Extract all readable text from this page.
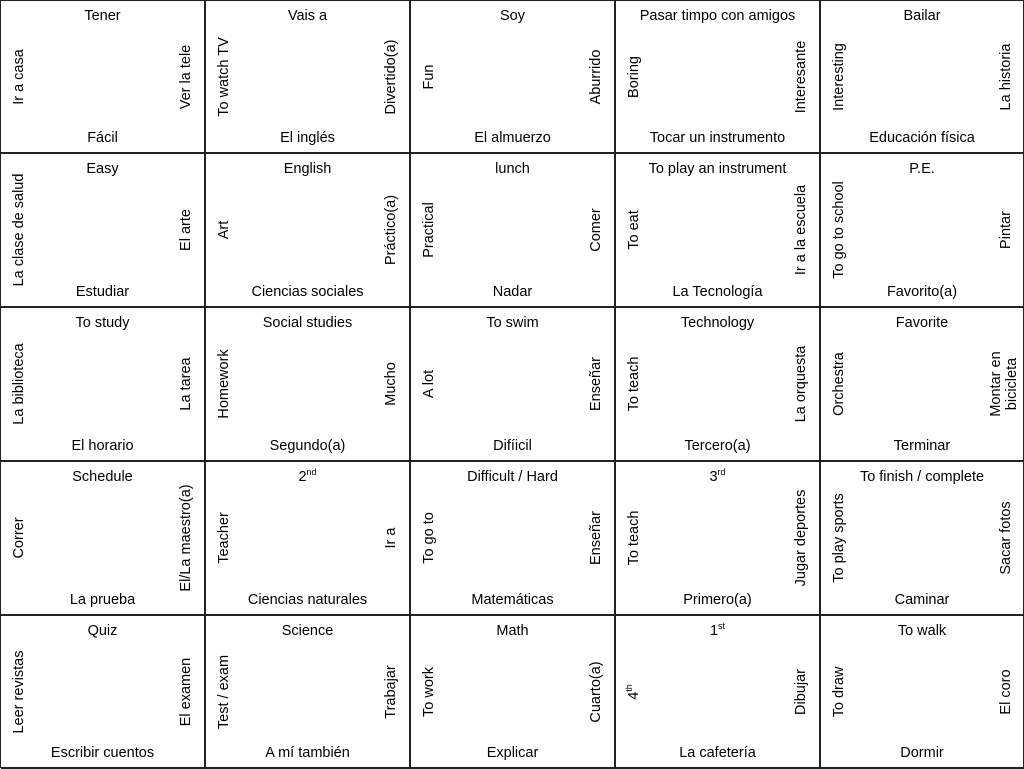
Tener
Fácil
Ir a casa	Ver la tele
Vais a
El inglés
To watch TV	Divertido(a)
Soy
El almuerzo
Fun	Aburrido
Pasar timpo con amigos
Tocar un instrumento
Boring	Interesante
Bailar
Educación física
Interesting	La historia
Easy
Estudiar
La clase de salud	El arte
English
Ciencias sociales
Art	Práctico(a)
lunch
Nadar
Practical	Comer
To play an instrument
La Tecnología
To eat	Ir a la escuela
P.E.
Favorito(a)
To go to school	Pintar
To study
El horario
La biblioteca	La tarea
Social studies
Segundo(a)
Homework	Mucho
To swim
Difíicil
A lot	Enseñar
Technology
Tercero(a)
To teach	La orquesta
Favorite
Terminar
Orchestra	Montar en
bicicleta
Schedule
La prueba
Correr	El/La maestro(a)
2nd
Ciencias naturales
Teacher	Ir a
Difficult / Hard
Matemáticas
To go to	Enseñar
3rd
Primero(a)
To teach	Jugar deportes
To finish / complete
Caminar
To play sports	Sacar fotos
Quiz
Escribir cuentos
Leer revistas	El examen
Science
A mí también
Test / exam	Trabajar
Math
Explicar
To work	Cuarto(a)
1st
La cafetería
4th	Dibujar
To walk
Dormir
To draw	El coro
